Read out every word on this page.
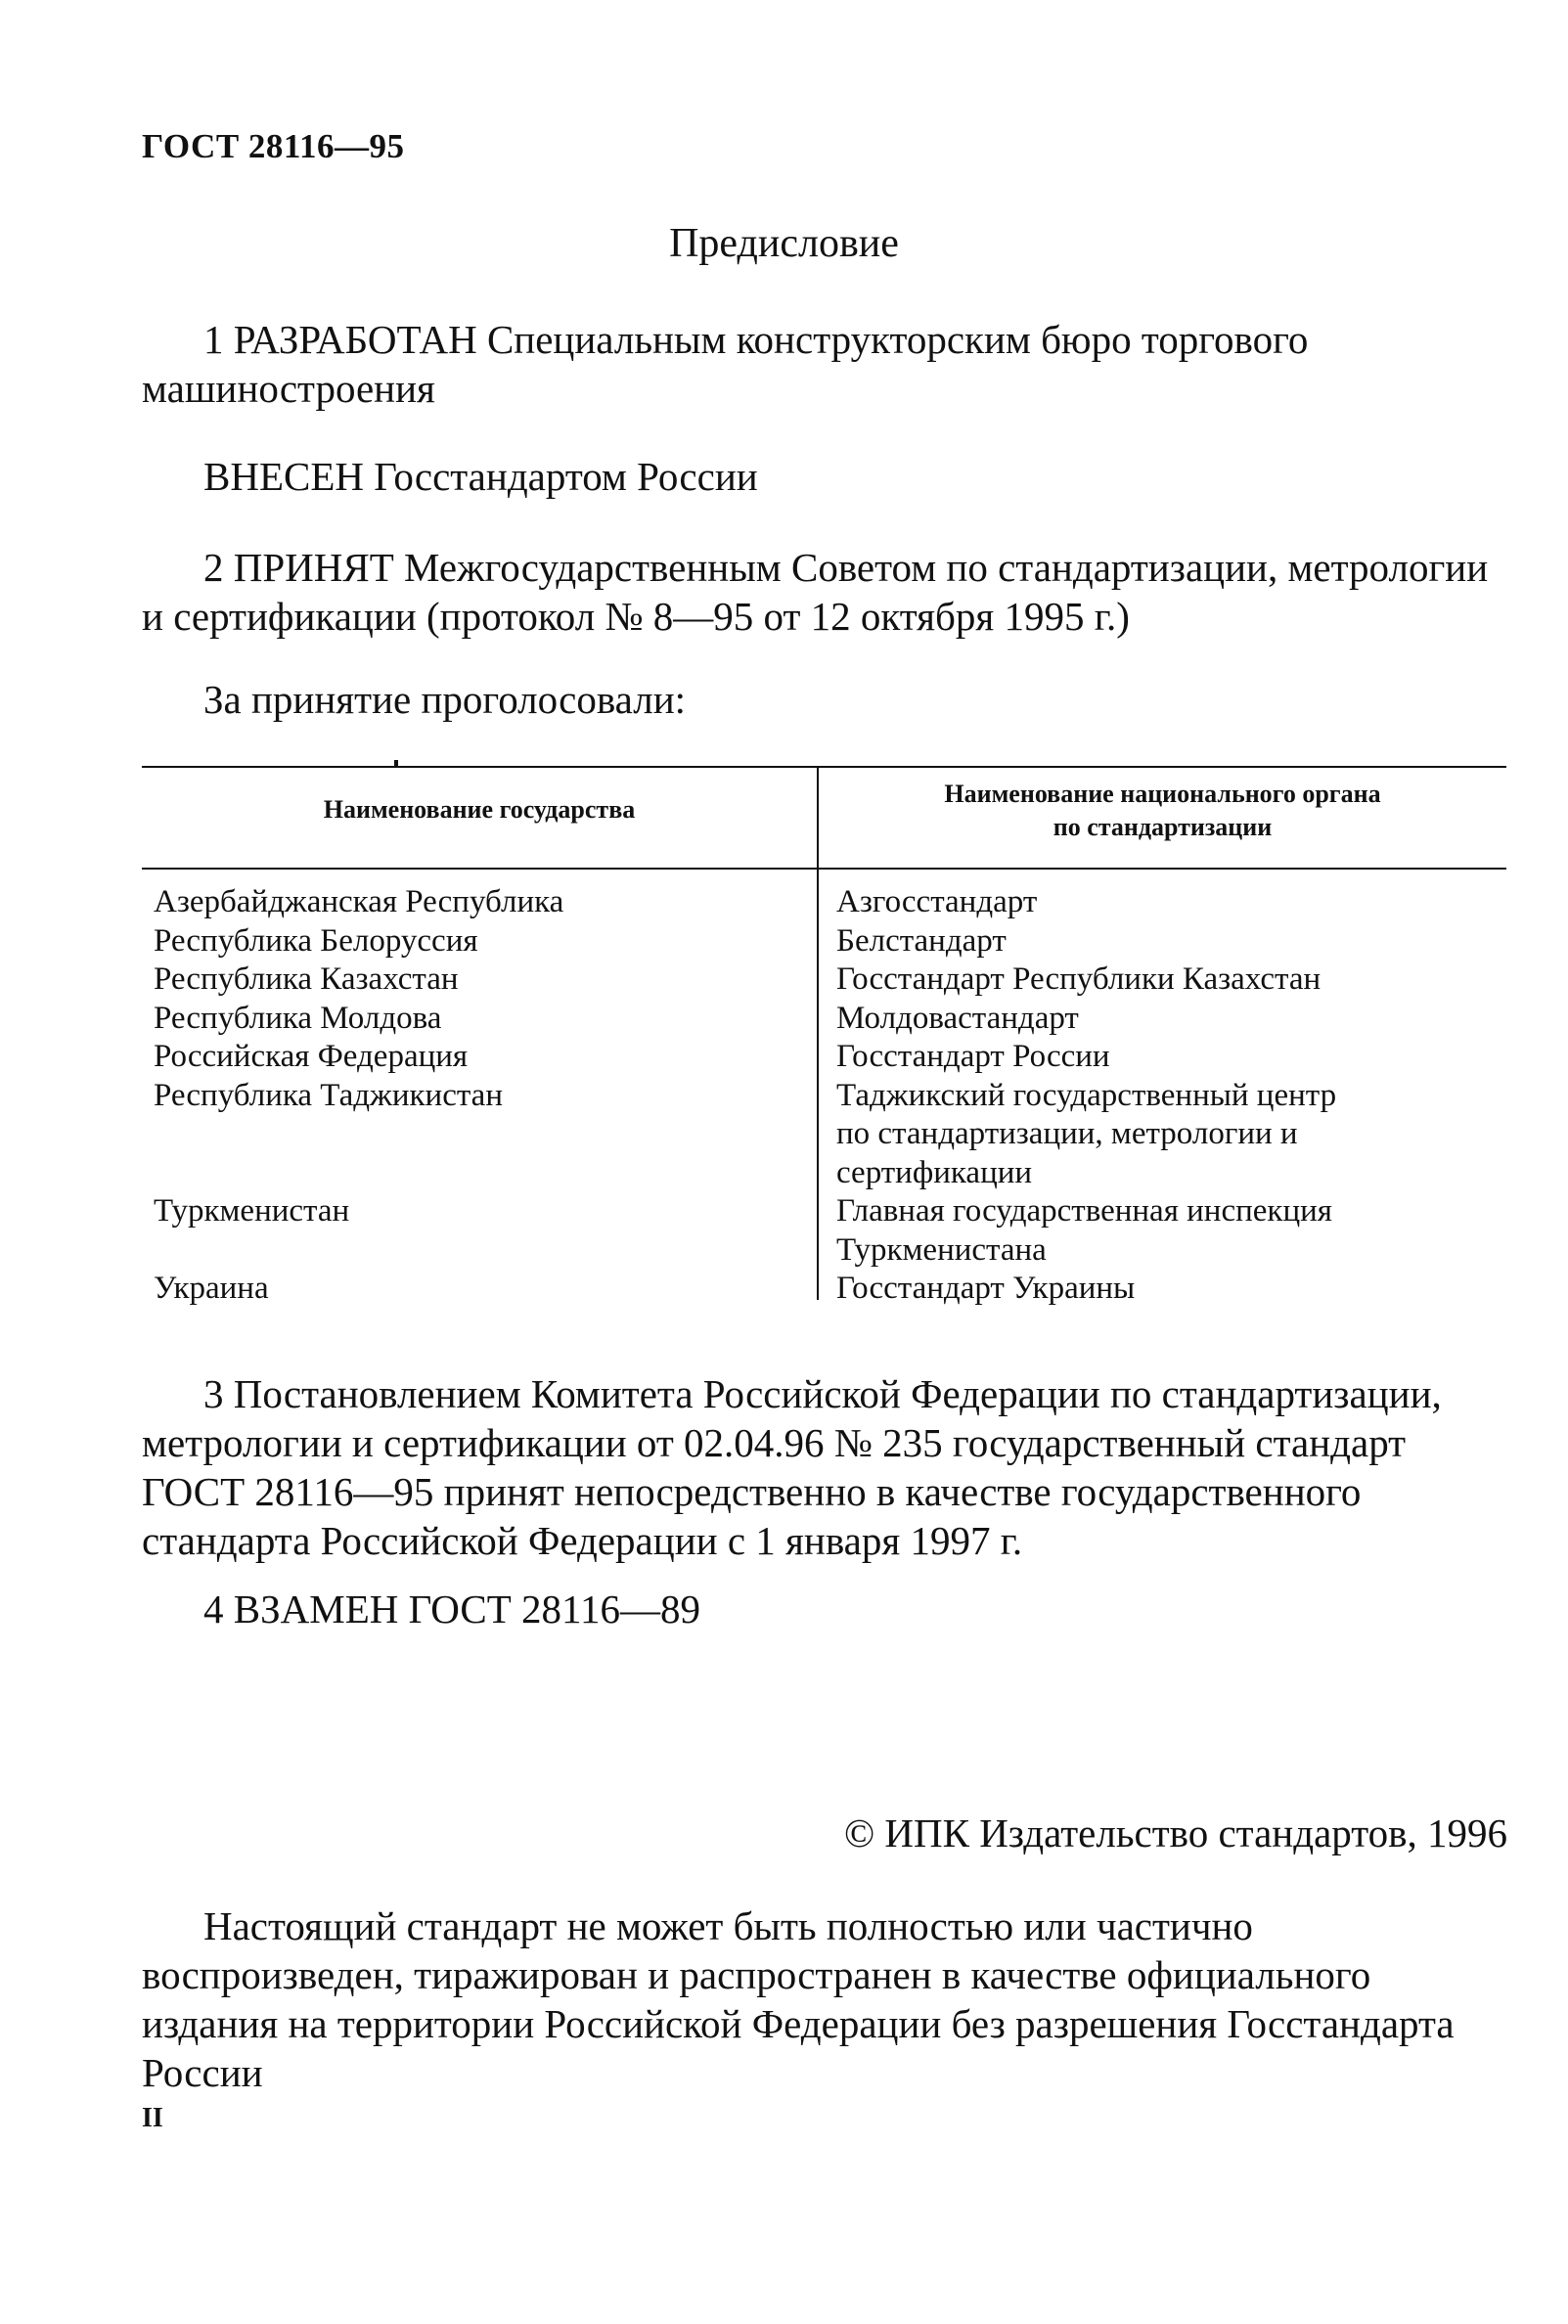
ГОСТ 28116—95
Предисловие
1 РАЗРАБОТАН Специальным конструкторским бюро торгового машиностроения
ВНЕСЕН Госстандартом России
2 ПРИНЯТ Межгосударственным Советом по стандартизации, метрологии и сертификации (протокол № 8—95 от 12 октября 1995 г.)
За принятие проголосовали:
Наименование государства
Наименование национального органа
по стандартизации
Азербайджанская Республика
Республика Белоруссия
Республика Казахстан
Республика Молдова
Российская Федерация
Республика Таджикистан

Туркменистан

Украина
Азгосстандарт
Белстандарт
Госстандарт Республики Казахстан
Молдовастандарт
Госстандарт России
Таджикский государственный центр
по стандартизации, метрологии и
сертификации
Главная государственная инспекция
Туркменистана
Госстандарт Украины
3 Постановлением Комитета Российской Федерации по стандартизации, метрологии и сертификации от 02.04.96 № 235 государственный стандарт ГОСТ 28116—95 принят непосредственно в качестве государственного стандарта Российской Федерации с 1 января 1997 г.
4 ВЗАМЕН ГОСТ 28116—89
© ИПК Издательство стандартов, 1996
Настоящий стандарт не может быть полностью или частично воспроизведен, тиражирован и распространен в качестве официального издания на территории Российской Федерации без разрешения Госстандарта России
II
